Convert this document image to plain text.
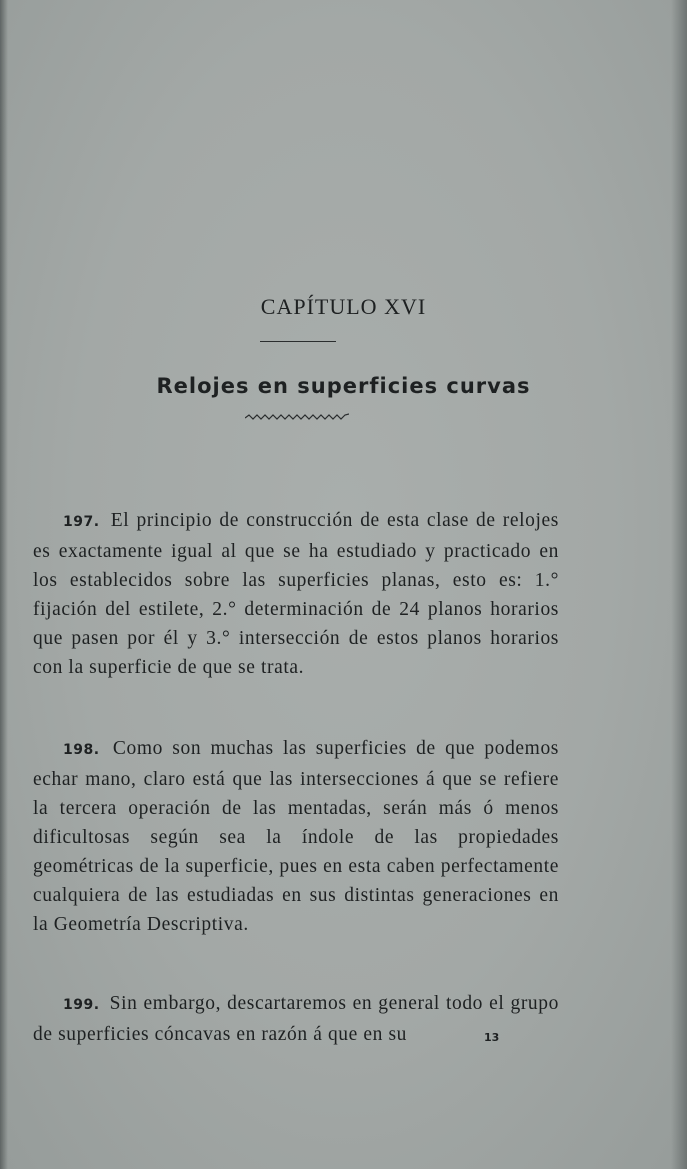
CAPÍTULO XVI
Relojes en superficies curvas

197. El principio de construcción de esta clase de relojes es exactamente igual al que se ha estudiado y practicado en los establecidos sobre las superficies planas, esto es: 1.° fijación del estilete, 2.° determinación de 24 planos horarios que pasen por él y 3.° intersección de estos planos horarios con la superficie de que se trata.

198. Como son muchas las superficies de que podemos echar mano, claro está que las intersecciones á que se refiere la tercera operación de las mentadas, serán más ó menos dificultosas según sea la índole de las propiedades geométricas de la superficie, pues en esta caben perfectamente cualquiera de las estudiadas en sus distintas generaciones en la Geometría Descriptiva.

199. Sin embargo, descartaremos en general todo el grupo de superficies cóncavas en razón á que en su	13
